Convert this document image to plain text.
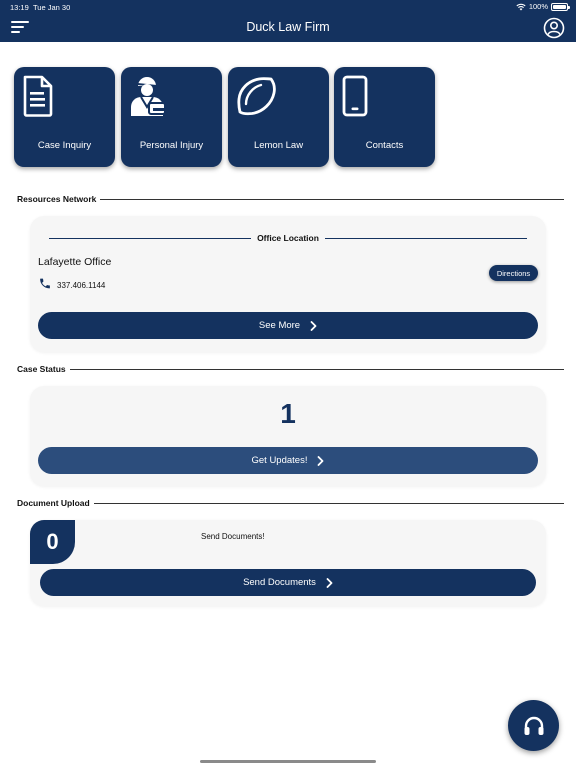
13:19 Tue Jan 30	100%
Duck Law Firm
Case Inquiry	Personal Injury	Lemon Law	Contacts
Resources Network
Office Location
Lafayette Office
337.406.1144
Directions
See More
Case Status
1
Get Updates!
Document Upload
0	Send Documents!
Send Documents
